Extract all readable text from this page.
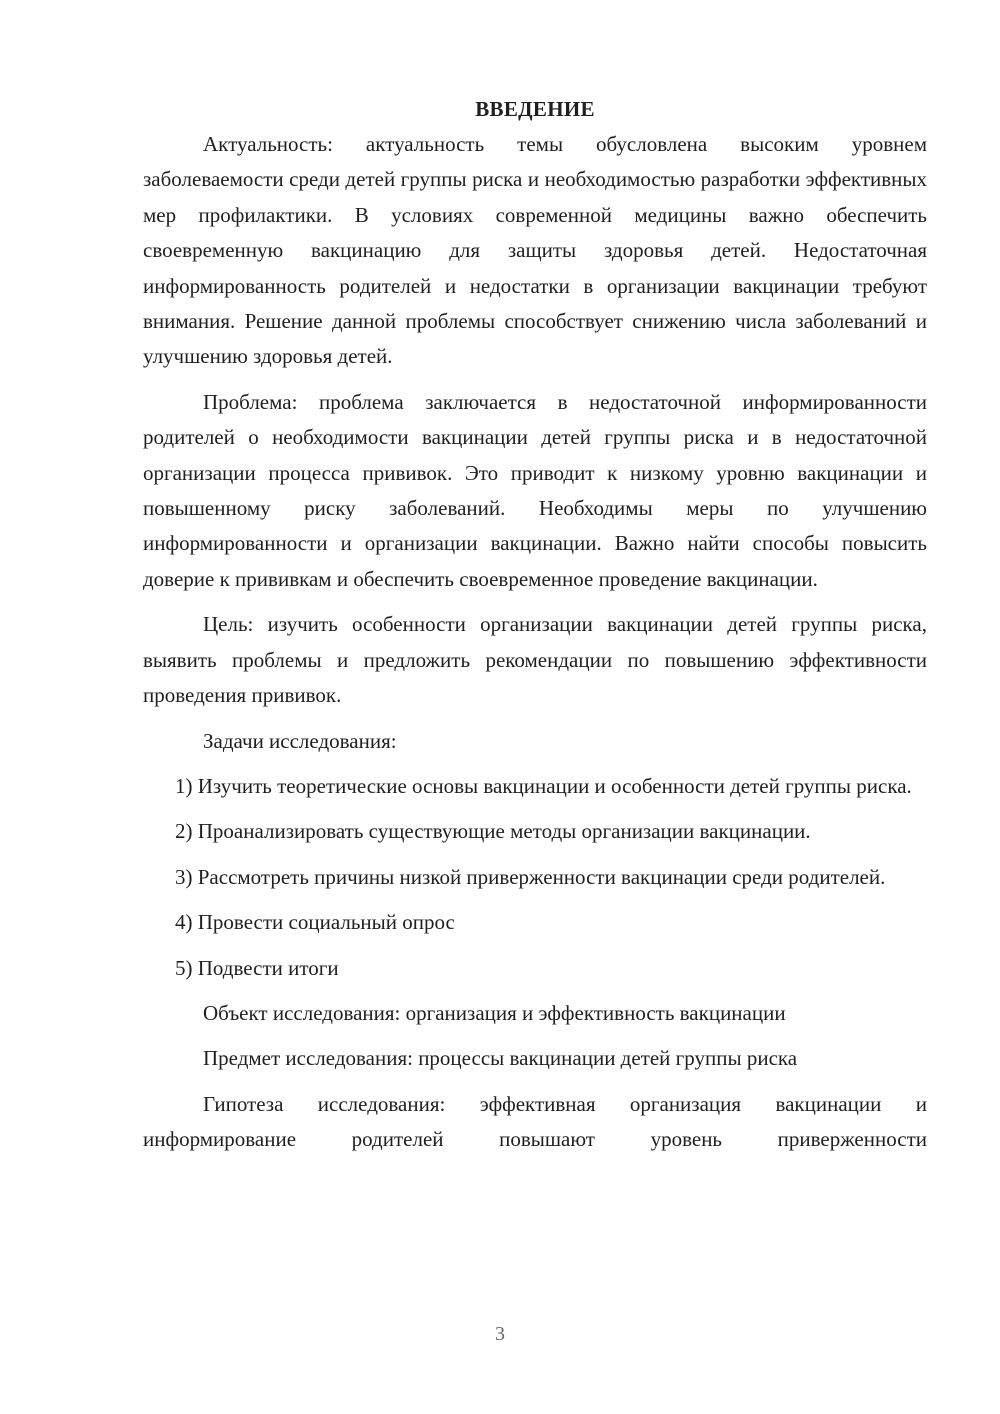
ВВЕДЕНИЕ

Актуальность: актуальность темы обусловлена высоким уровнем заболеваемости среди детей группы риска и необходимостью разработки эффективных мер профилактики. В условиях современной медицины важно обеспечить своевременную вакцинацию для защиты здоровья детей. Недостаточная информированность родителей и недостатки в организации вакцинации требуют внимания. Решение данной проблемы способствует снижению числа заболеваний и улучшению здоровья детей.

Проблема: проблема заключается в недостаточной информированности родителей о необходимости вакцинации детей группы риска и в недостаточной организации процесса прививок. Это приводит к низкому уровню вакцинации и повышенному риску заболеваний. Необходимы меры по улучшению информированности и организации вакцинации. Важно найти способы повысить доверие к прививкам и обеспечить своевременное проведение вакцинации.

Цель: изучить особенности организации вакцинации детей группы риска, выявить проблемы и предложить рекомендации по повышению эффективности проведения прививок.

Задачи исследования:

1) Изучить теоретические основы вакцинации и особенности детей группы риска.

2) Проанализировать существующие методы организации вакцинации.

3) Рассмотреть причины низкой приверженности вакцинации среди родителей.

4) Провести социальный опрос

5) Подвести итоги

Объект исследования: организация и эффективность вакцинации

Предмет исследования: процессы вакцинации детей группы риска

Гипотеза исследования: эффективная организация вакцинации и информирование родителей повышают уровень приверженности

3
